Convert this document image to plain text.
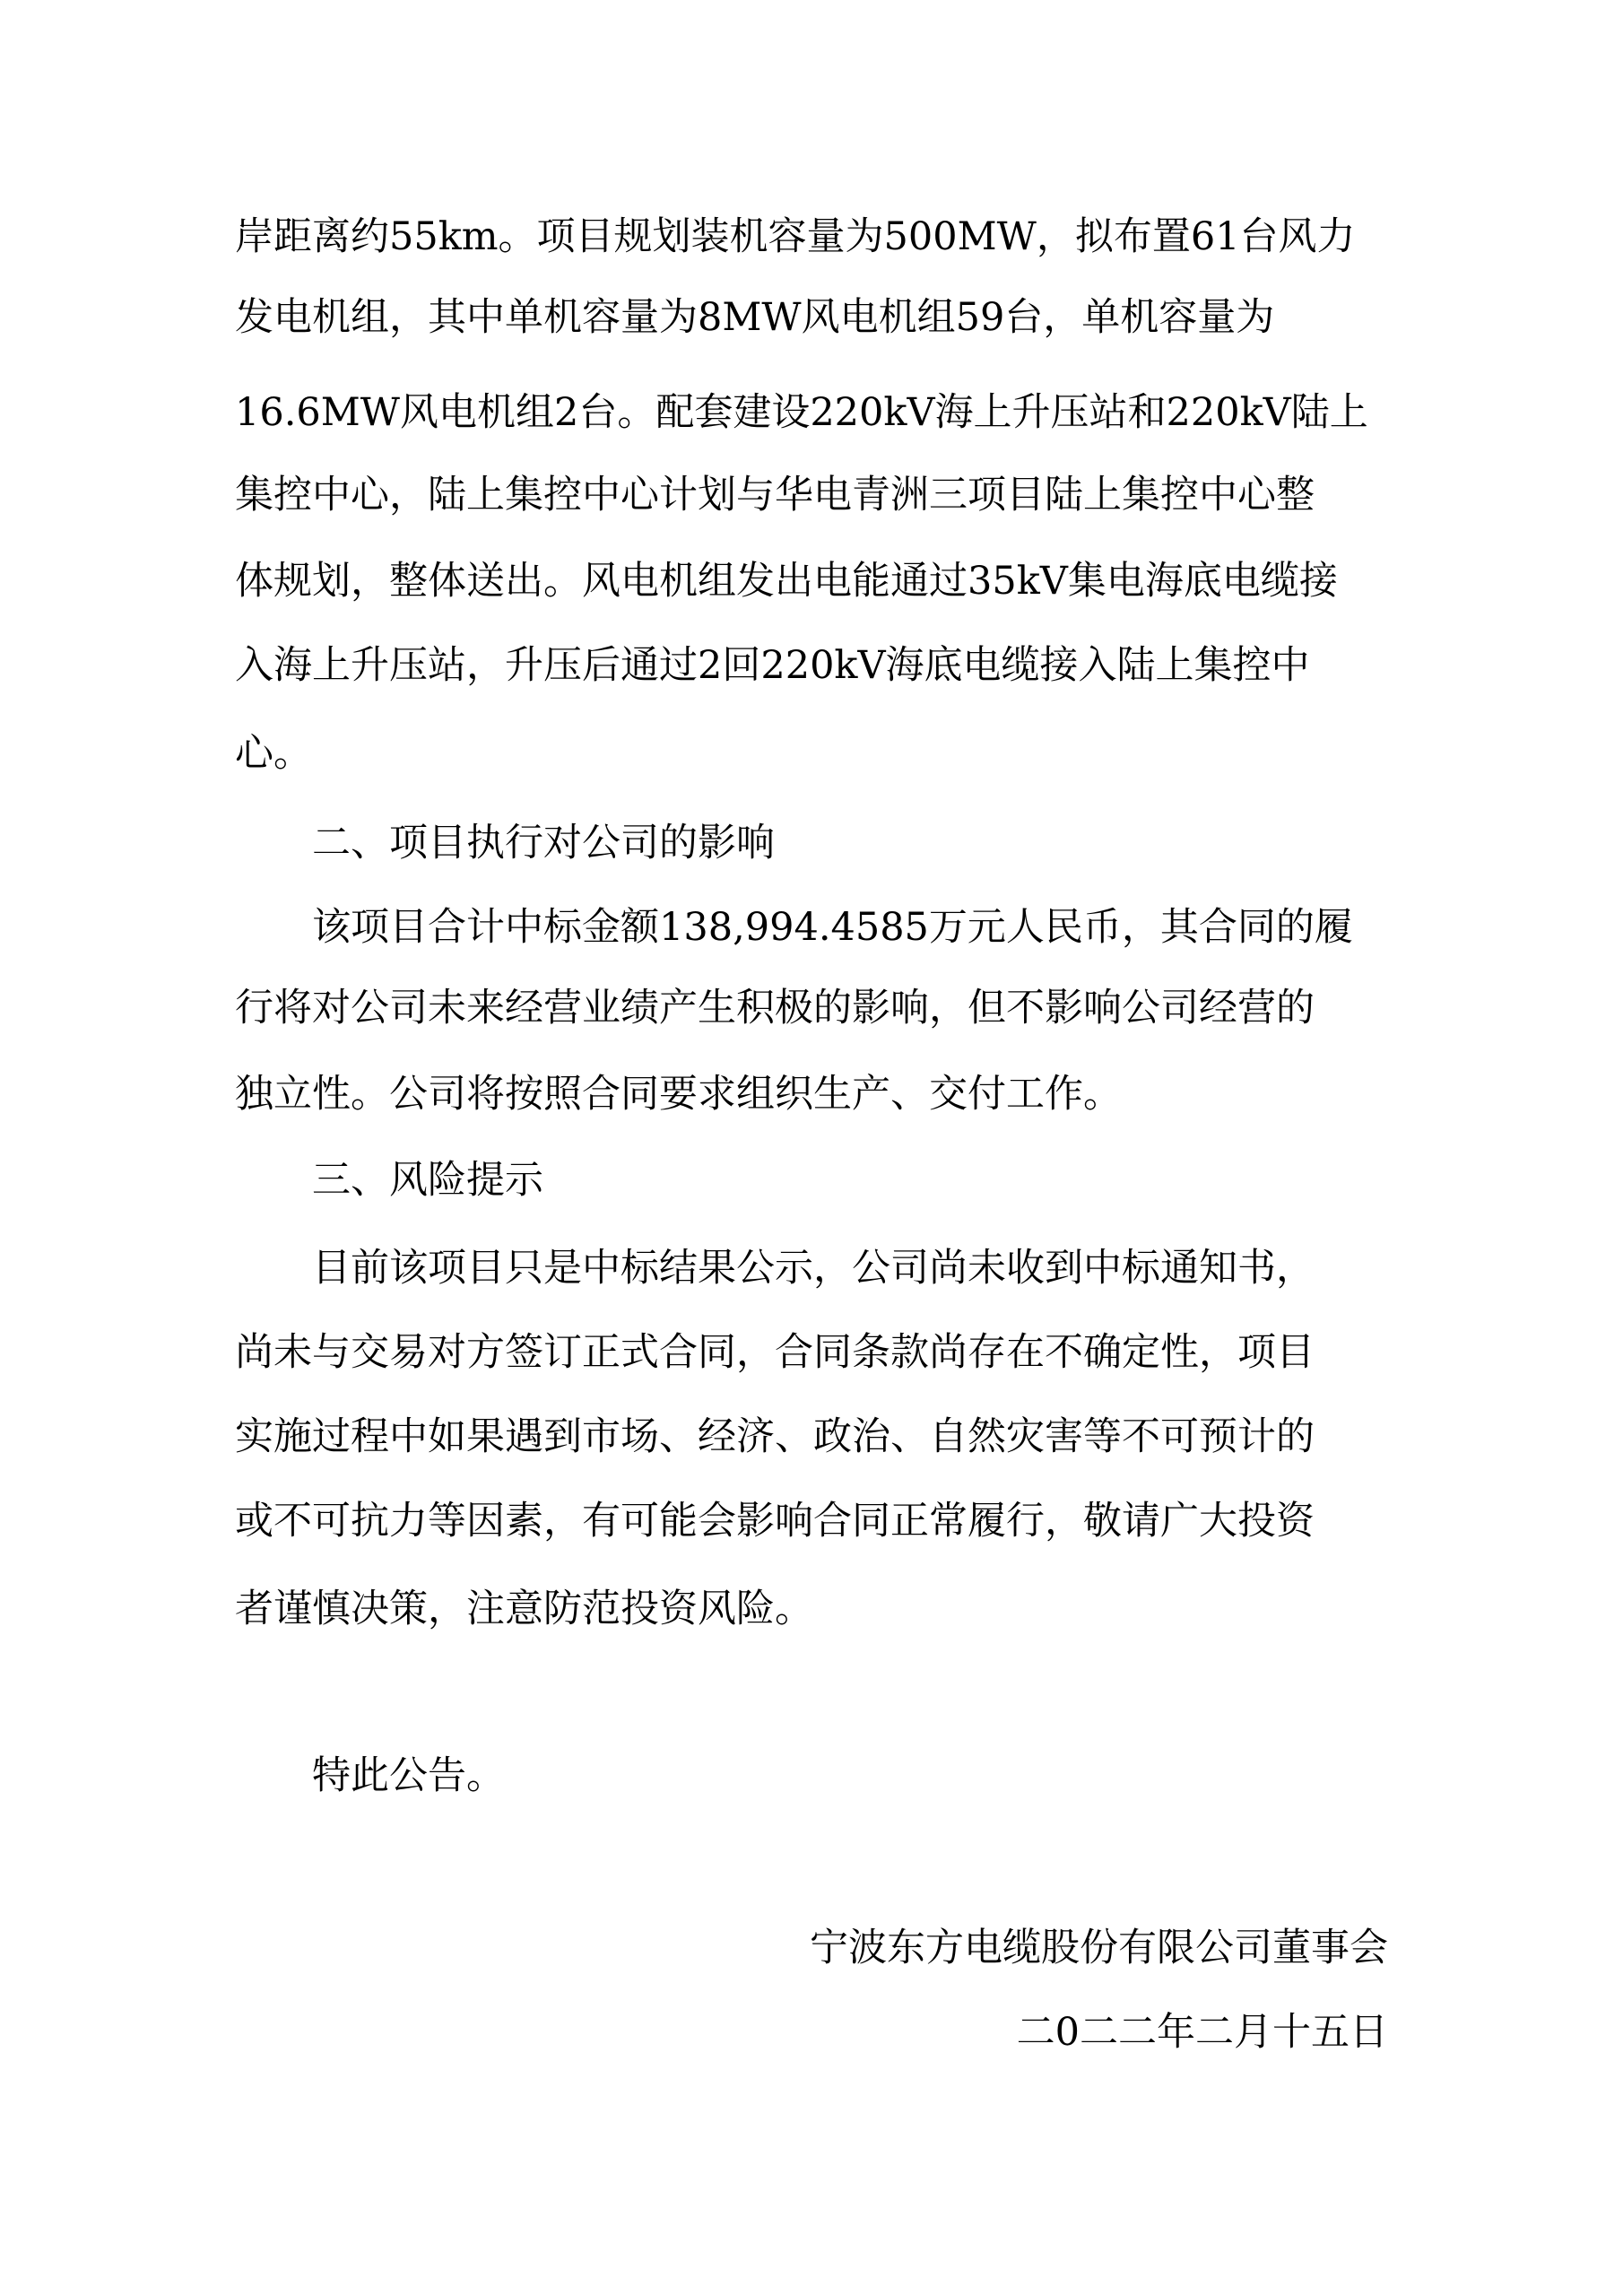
岸距离约55km。项目规划装机容量为500MW，拟布置61台风力
发电机组，其中单机容量为8MW风电机组59台，单机容量为
16.6MW风电机组2台。配套建设220kV海上升压站和220kV陆上
集控中心，陆上集控中心计划与华电青洲三项目陆上集控中心整
体规划，整体送出。风电机组发出电能通过35kV集电海底电缆接
入海上升压站，升压后通过2回220kV海底电缆接入陆上集控中
心。
二、项目执行对公司的影响
该项目合计中标金额138,994.4585万元人民币，其合同的履
行将对公司未来经营业绩产生积极的影响，但不影响公司经营的
独立性。公司将按照合同要求组织生产、交付工作。
三、风险提示
目前该项目只是中标结果公示，公司尚未收到中标通知书，
尚未与交易对方签订正式合同，合同条款尚存在不确定性，项目
实施过程中如果遇到市场、经济、政治、自然灾害等不可预计的
或不可抗力等因素，有可能会影响合同正常履行，敬请广大投资
者谨慎决策，注意防范投资风险。
特此公告。
宁波东方电缆股份有限公司董事会
二0二二年二月十五日
